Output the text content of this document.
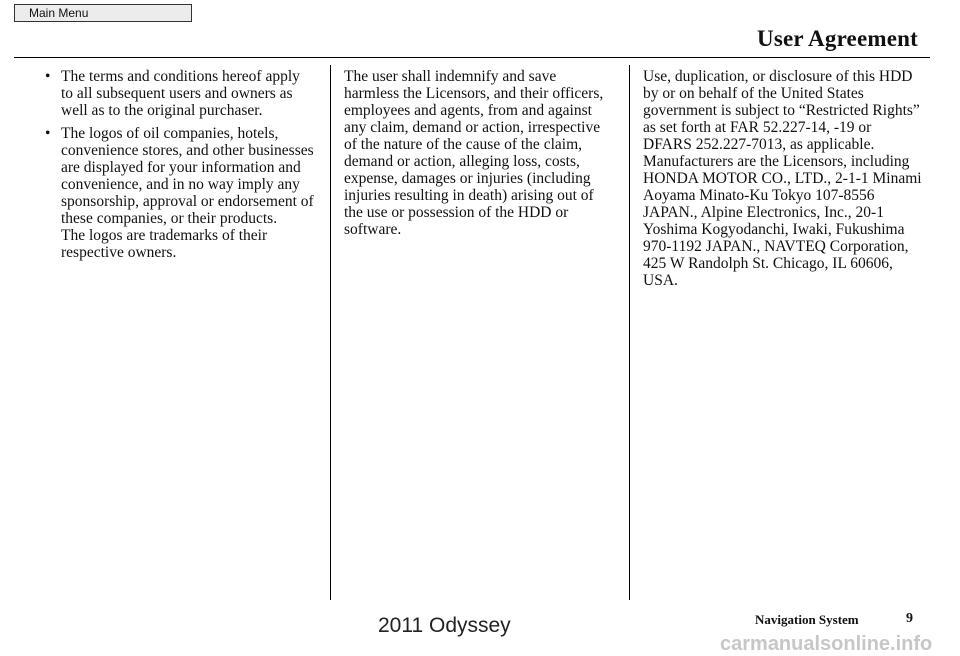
Main Menu
User Agreement
• The terms and conditions hereof apply to all subsequent users and owners as well as to the original purchaser.
• The logos of oil companies, hotels, convenience stores, and other businesses are displayed for your information and convenience, and in no way imply any sponsorship, approval or endorsement of these companies, or their products.
The logos are trademarks of their respective owners.

The user shall indemnify and save harmless the Licensors, and their officers, employees and agents, from and against any claim, demand or action, irrespective of the nature of the cause of the claim, demand or action, alleging loss, costs, expense, damages or injuries (including injuries resulting in death) arising out of the use or possession of the HDD or software.

Use, duplication, or disclosure of this HDD by or on behalf of the United States government is subject to “Restricted Rights” as set forth at FAR 52.227-14, -19 or DFARS 252.227-7013, as applicable. Manufacturers are the Licensors, including HONDA MOTOR CO., LTD., 2-1-1 Minami Aoyama Minato-Ku Tokyo 107-8556 JAPAN., Alpine Electronics, Inc., 20-1 Yoshima Kogyodanchi, Iwaki, Fukushima 970-1192 JAPAN., NAVTEQ Corporation, 425 W Randolph St. Chicago, IL 60606, USA.

Navigation System	9
2011 Odyssey
carmanualsonline.info
